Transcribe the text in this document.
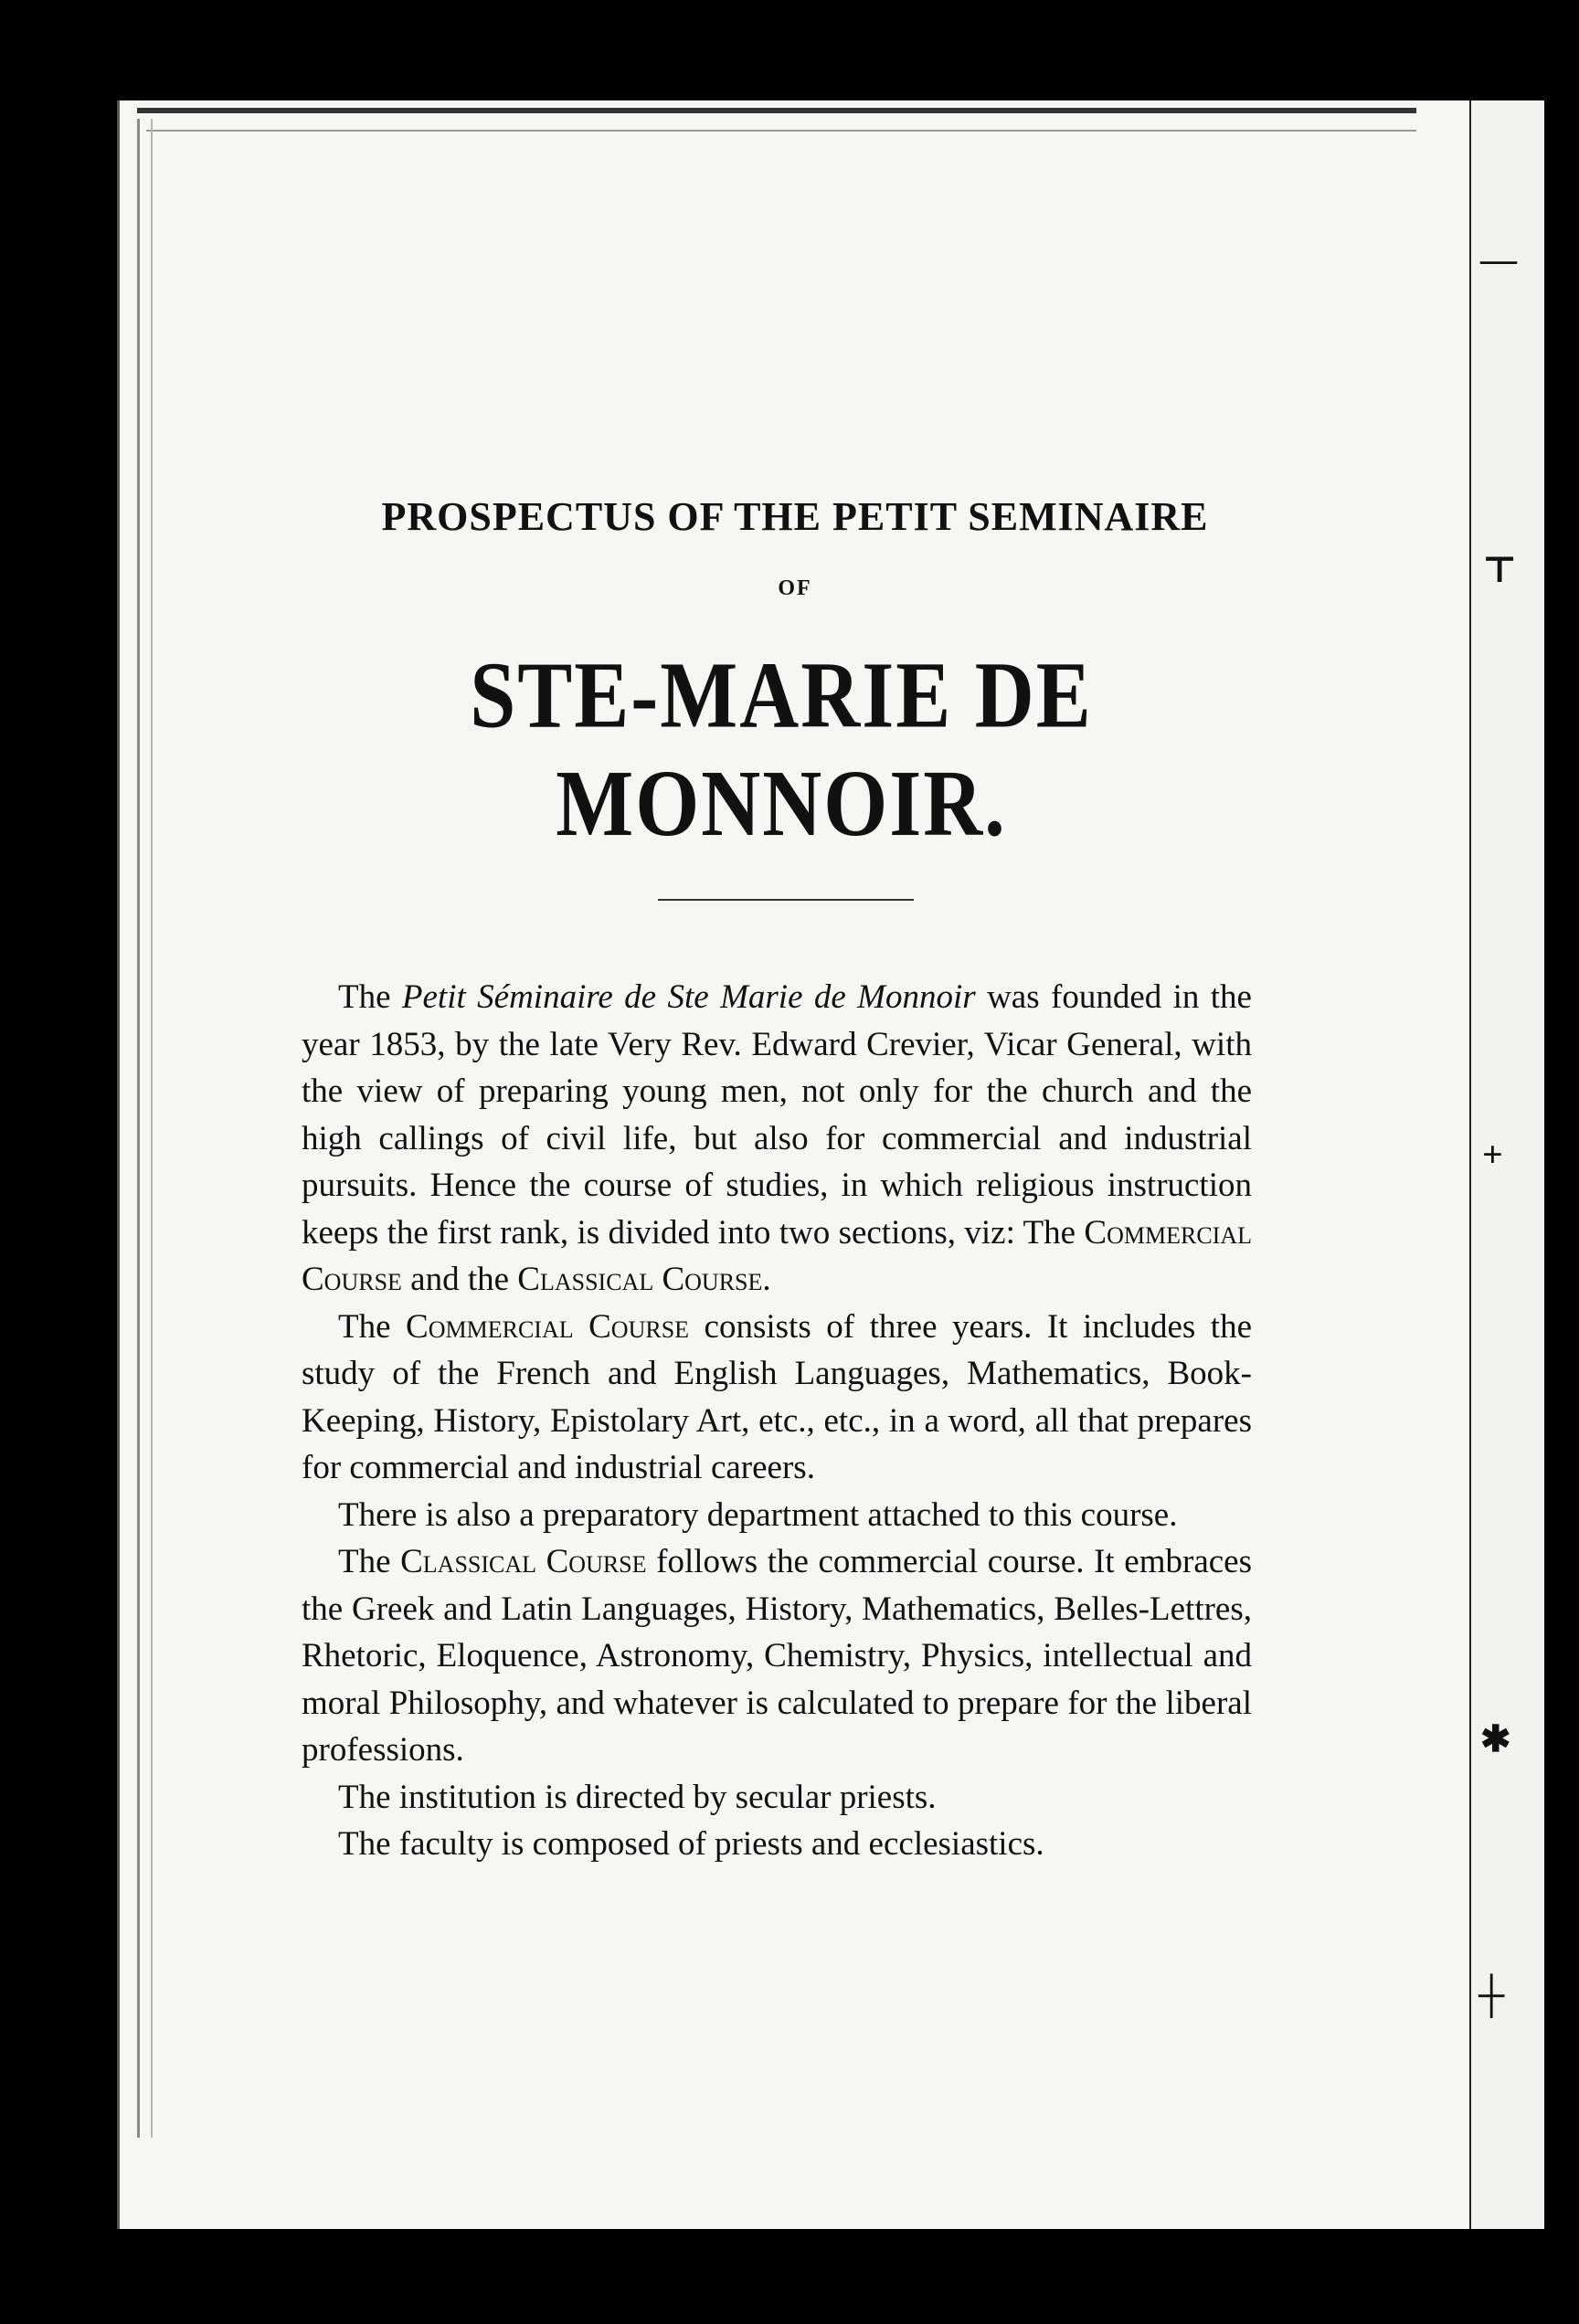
—
⊤
+
✱
┼
PROSPECTUS OF THE PETIT SEMINAIRE
OF
STE-MARIE DE MONNOIR.

The Petit Séminaire de Ste Marie de Monnoir was founded in the year 1853, by the late Very Rev. Edward Crevier, Vicar General, with the view of preparing young men, not only for the church and the high callings of civil life, but also for commercial and industrial pursuits. Hence the course of studies, in which religious instruction keeps the first rank, is divided into two sections, viz: The Commercial Course and the Classical Course.

The Commercial Course consists of three years. It includes the study of the French and English Languages, Mathematics, Book-Keeping, History, Epistolary Art, etc., etc., in a word, all that prepares for commercial and industrial careers.

There is also a preparatory department attached to this course.

The Classical Course follows the commercial course. It embraces the Greek and Latin Languages, History, Mathematics, Belles-Lettres, Rhetoric, Eloquence, Astronomy, Chemistry, Physics, intellectual and moral Philosophy, and whatever is calculated to prepare for the liberal professions.

The institution is directed by secular priests.

The faculty is composed of priests and ecclesiastics.
